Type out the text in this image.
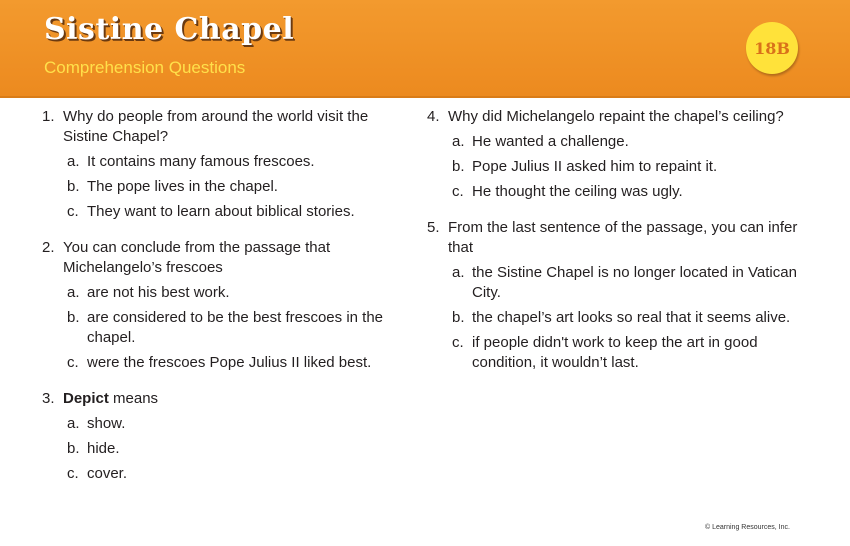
Sistine Chapel
Comprehension Questions
18B
1. Why do people from around the world visit the Sistine Chapel?
a. It contains many famous frescoes.
b. The pope lives in the chapel.
c. They want to learn about biblical stories.
2. You can conclude from the passage that Michelangelo’s frescoes
a. are not his best work.
b. are considered to be the best frescoes in the chapel.
c. were the frescoes Pope Julius II liked best.
3. Depict means
a. show.
b. hide.
c. cover.
4. Why did Michelangelo repaint the chapel’s ceiling?
a. He wanted a challenge.
b. Pope Julius II asked him to repaint it.
c. He thought the ceiling was ugly.
5. From the last sentence of the passage, you can infer that
a. the Sistine Chapel is no longer located in Vatican City.
b. the chapel’s art looks so real that it seems alive.
c. if people didn't work to keep the art in good condition, it wouldn’t last.
© Learning Resources, Inc.
